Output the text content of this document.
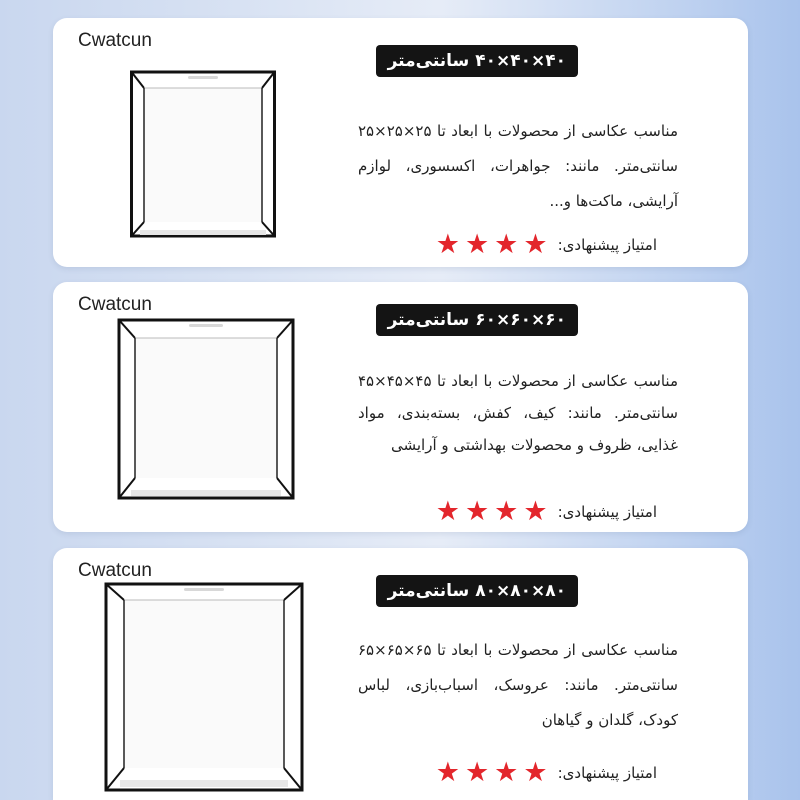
Cwatcun
۴۰×۴۰×۴۰ سانتی‌متر
مناسب عکاسی از محصولات با ابعاد تا ۲۵×۲۵×۲۵ سانتی‌متر. مانند: جواهرات، اکسسوری، لوازم آرایشی، ماکت‌ها و...
امتیاز پیشنهادی:
★
★
★
★
Cwatcun
۶۰×۶۰×۶۰ سانتی‌متر
مناسب عکاسی از محصولات با ابعاد تا ۴۵×۴۵×۴۵ سانتی‌متر. مانند: کیف، کفش، بسته‌بندی، مواد غذایی، ظروف و محصولات بهداشتی و آرایشی
امتیاز پیشنهادی:
★
★
★
★
Cwatcun
۸۰×۸۰×۸۰ سانتی‌متر
مناسب عکاسی از محصولات با ابعاد تا ۶۵×۶۵×۶۵ سانتی‌متر. مانند: عروسک، اسباب‌بازی، لباس کودک، گلدان و گیاهان
امتیاز پیشنهادی:
★
★
★
★
